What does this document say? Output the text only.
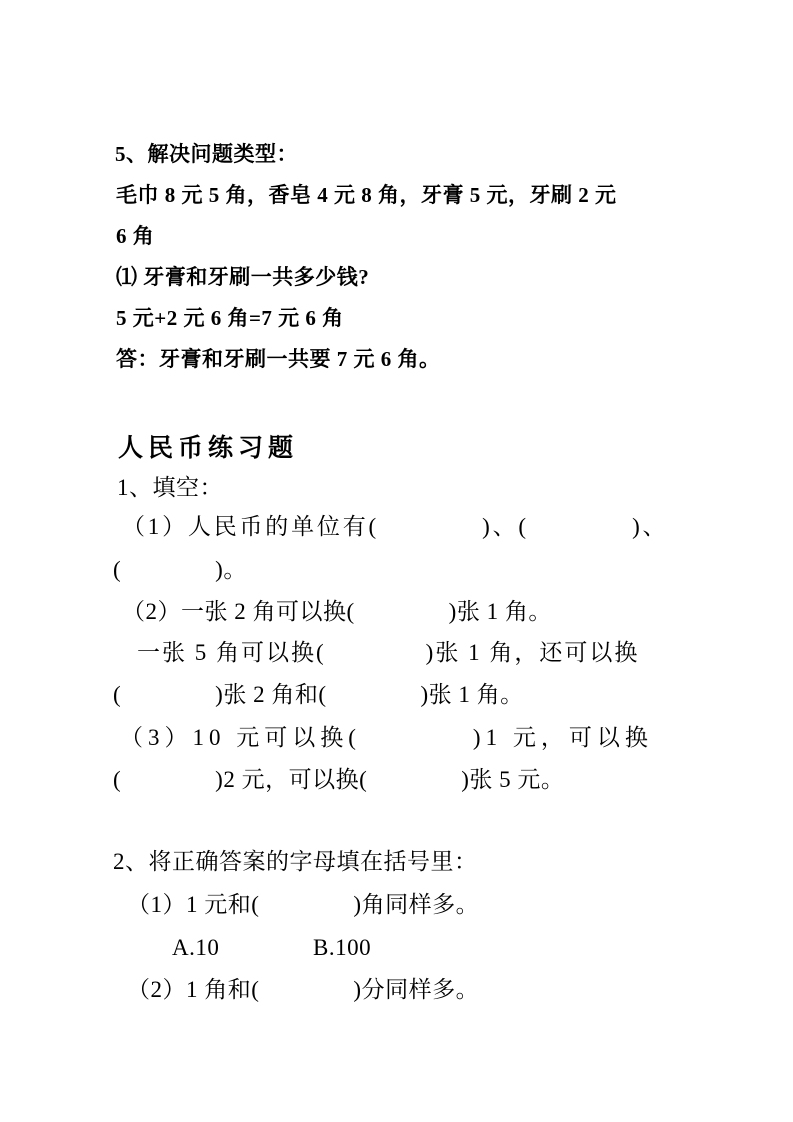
5、解决问题类型：
毛巾 8 元 5 角，香皂 4 元 8 角，牙膏 5 元，牙刷 2 元
6 角
⑴ 牙膏和牙刷一共多少钱?
5 元+2 元 6 角=7 元 6 角
答：牙膏和牙刷一共要 7 元 6 角。
人民币练习题
1、填空：
（1）人民币的单位有(　　　　)、(　　　　)、
(　　　　)。
（2）一张 2 角可以换(　　　　)张 1 角。
一张 5 角可以换(　　　　)张 1 角，还可以换
(　　　　)张 2 角和(　　　　)张 1 角。
（3）10 元可以换(　　　　)1 元，可以换
(　　　　)2 元，可以换(　　　　)张 5 元。
2、将正确答案的字母填在括号里：
（1）1 元和(　　　　)角同样多。
A.10	B.100
（2）1 角和(　　　　)分同样多。
